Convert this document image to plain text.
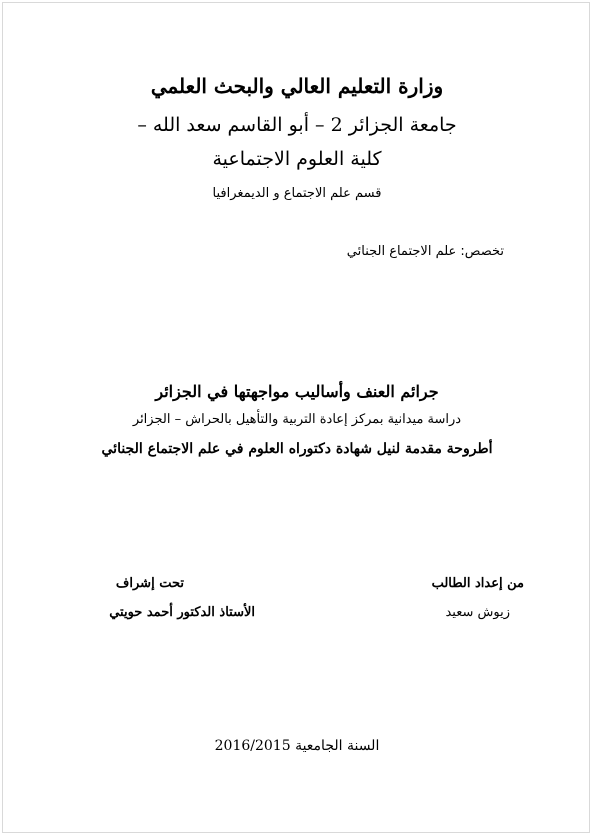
وزارة التعليم العالي والبحث العلمي
جامعة الجزائر 2 – أبو القاسم سعد الله –
كلية العلوم الاجتماعية
قسم علم الاجتماع و الديمغرافيا
تخصص: علم الاجتماع الجنائي
جرائم العنف وأساليب مواجهتها في الجزائر
دراسة ميدانية بمركز إعادة التربية والتأهيل بالحراش – الجزائر
أطروحة مقدمة لنيل شهادة دكتوراه العلوم في علم الاجتماع الجنائي
من إعداد الطالب
تحت إشراف
زيوش سعيد
الأستاذ الدكتور أحمد حويتي
السنة الجامعية 2016/2015
